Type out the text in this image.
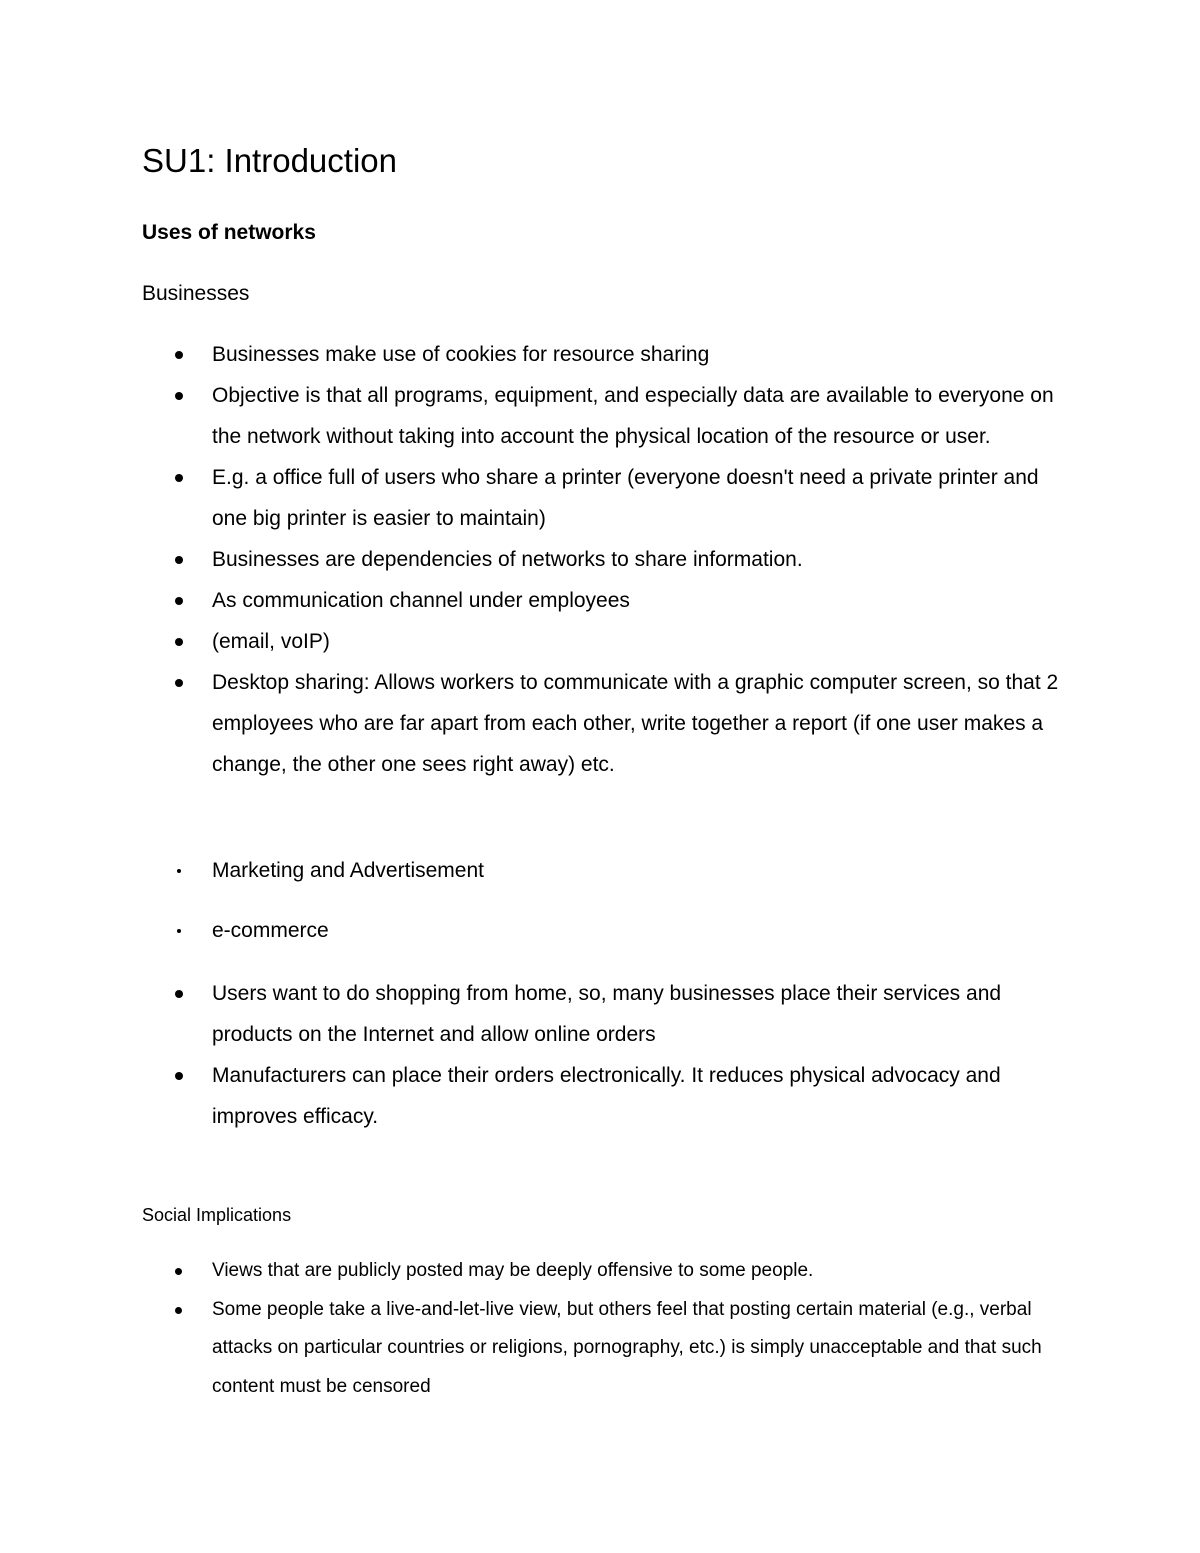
SU1: Introduction
Uses of networks

Businesses

Businesses make use of cookies for resource sharing
Objective is that all programs, equipment, and especially data are available to everyone on the network without taking into account the physical location of the resource or user.
E.g. a office full of users who share a printer (everyone doesn't need a private printer and one big printer is easier to maintain)
Businesses are dependencies of networks to share information.
As communication channel under employees
(email, voIP)
Desktop sharing: Allows workers to communicate with a graphic computer screen, so that 2 employees who are far apart from each other, write together a report (if one user makes a change, the other one sees right away) etc.
Marketing and Advertisement
e-commerce
Users want to do shopping from home, so, many businesses place their services and products on the Internet and allow online orders
Manufacturers can place their orders electronically. It reduces physical advocacy and improves efficacy.

Social Implications

Views that are publicly posted may be deeply offensive to some people.
Some people take a live-and-let-live view, but others feel that posting certain material (e.g., verbal attacks on particular countries or religions, pornography, etc.) is simply unacceptable and that such content must be censored
